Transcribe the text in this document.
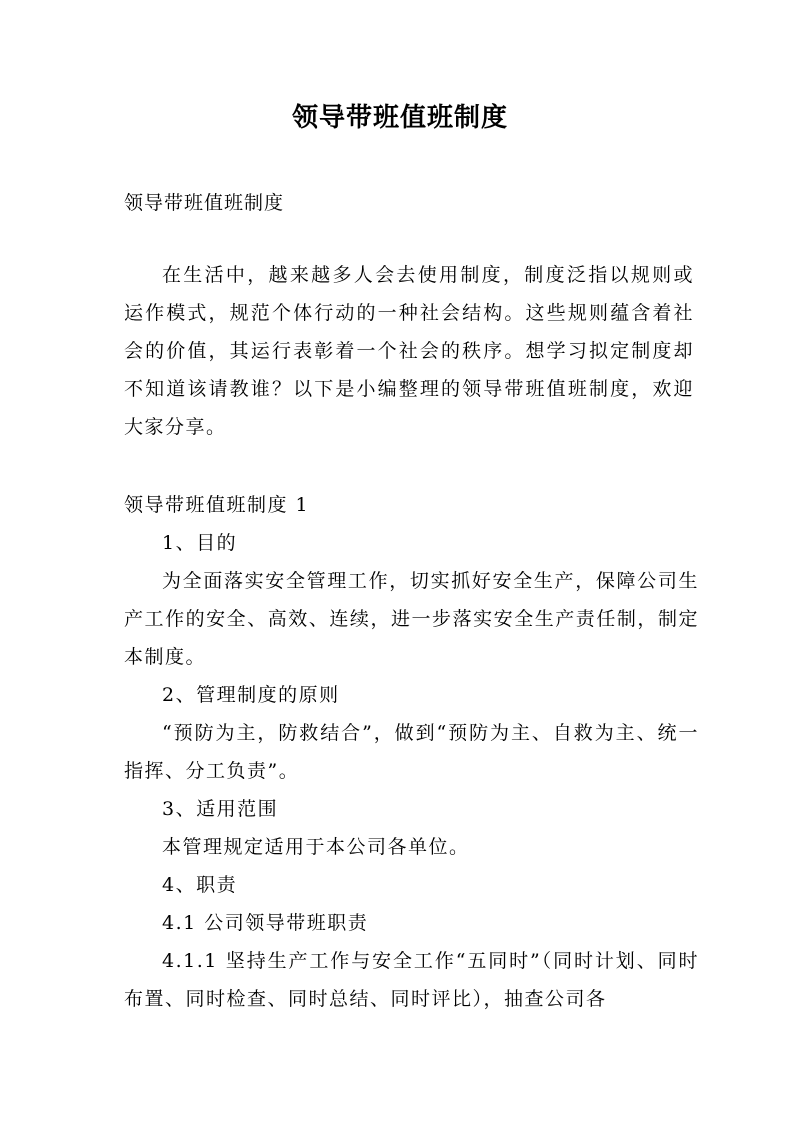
领导带班值班制度

领导带班值班制度

在生活中，越来越多人会去使用制度，制度泛指以规则或运作模式，规范个体行动的一种社会结构。这些规则蕴含着社会的价值，其运行表彰着一个社会的秩序。想学习拟定制度却不知道该请教谁？以下是小编整理的领导带班值班制度，欢迎大家分享。

领导带班值班制度 1

1、目的

为全面落实安全管理工作，切实抓好安全生产，保障公司生产工作的安全、高效、连续，进一步落实安全生产责任制，制定本制度。

2、管理制度的原则

“预防为主，防救结合”，做到“预防为主、自救为主、统一指挥、分工负责”。

3、适用范围

本管理规定适用于本公司各单位。

4、职责

4.1 公司领导带班职责

4.1.1 坚持生产工作与安全工作“五同时”（同时计划、同时布置、同时检查、同时总结、同时评比），抽查公司各
